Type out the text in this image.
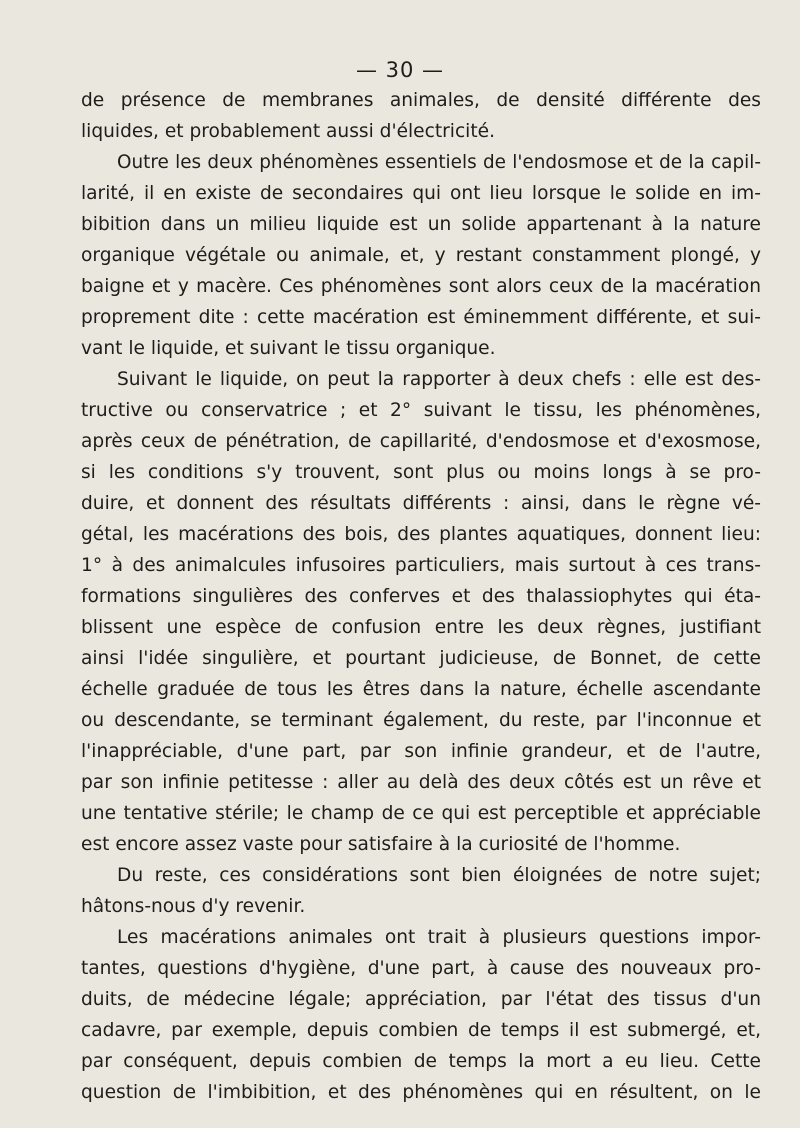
— 30 —
de présence de membranes animales, de densité différente des
liquides, et probablement aussi d'électricité.
Outre les deux phénomènes essentiels de l'endosmose et de la capil-
larité, il en existe de secondaires qui ont lieu lorsque le solide en im-
bibition dans un milieu liquide est un solide appartenant à la nature
organique végétale ou animale, et, y restant constamment plongé, y
baigne et y macère. Ces phénomènes sont alors ceux de la macération
proprement dite : cette macération est éminemment différente, et sui-
vant le liquide, et suivant le tissu organique.
Suivant le liquide, on peut la rapporter à deux chefs : elle est des-
tructive ou conservatrice ; et 2° suivant le tissu, les phénomènes,
après ceux de pénétration, de capillarité, d'endosmose et d'exosmose,
si les conditions s'y trouvent, sont plus ou moins longs à se pro-
duire, et donnent des résultats différents : ainsi, dans le règne vé-
gétal, les macérations des bois, des plantes aquatiques, donnent lieu:
1° à des animalcules infusoires particuliers, mais surtout à ces trans-
formations singulières des conferves et des thalassiophytes qui éta-
blissent une espèce de confusion entre les deux règnes, justifiant
ainsi l'idée singulière, et pourtant judicieuse, de Bonnet, de cette
échelle graduée de tous les êtres dans la nature, échelle ascendante
ou descendante, se terminant également, du reste, par l'inconnue et
l'inappréciable, d'une part, par son infinie grandeur, et de l'autre,
par son infinie petitesse : aller au delà des deux côtés est un rêve et
une tentative stérile; le champ de ce qui est perceptible et appréciable
est encore assez vaste pour satisfaire à la curiosité de l'homme.
Du reste, ces considérations sont bien éloignées de notre sujet;
hâtons-nous d'y revenir.
Les macérations animales ont trait à plusieurs questions impor-
tantes, questions d'hygiène, d'une part, à cause des nouveaux pro-
duits, de médecine légale; appréciation, par l'état des tissus d'un
cadavre, par exemple, depuis combien de temps il est submergé, et,
par conséquent, depuis combien de temps la mort a eu lieu. Cette
question de l'imbibition, et des phénomènes qui en résultent, on le
